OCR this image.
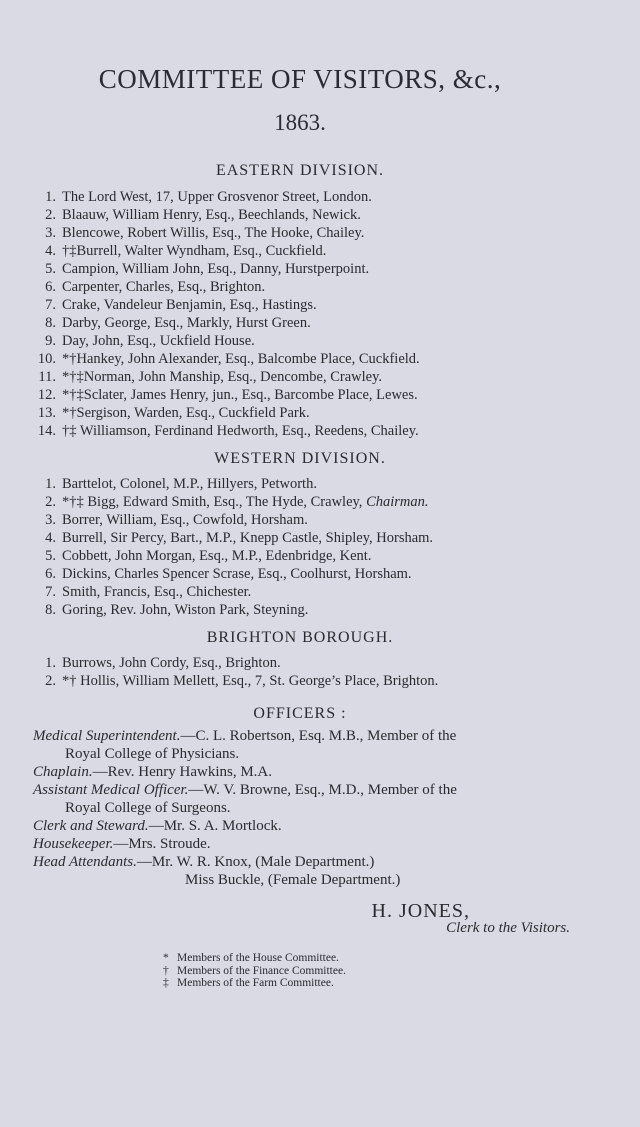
COMMITTEE OF VISITORS, &c.,
1863.
EASTERN DIVISION.
1. The Lord West, 17, Upper Grosvenor Street, London.
2. Blaauw, William Henry, Esq., Beechlands, Newick.
3. Blencowe, Robert Willis, Esq., The Hooke, Chailey.
4. †‡Burrell, Walter Wyndham, Esq., Cuckfield.
5. Campion, William John, Esq., Danny, Hurstperpoint.
6. Carpenter, Charles, Esq., Brighton.
7. Crake, Vandeleur Benjamin, Esq., Hastings.
8. Darby, George, Esq., Markly, Hurst Green.
9. Day, John, Esq., Uckfield House.
10. *†Hankey, John Alexander, Esq., Balcombe Place, Cuckfield.
11. *†‡Norman, John Manship, Esq., Dencombe, Crawley.
12. *†‡Sclater, James Henry, jun., Esq., Barcombe Place, Lewes.
13. *†Sergison, Warden, Esq., Cuckfield Park.
14. †‡ Williamson, Ferdinand Hedworth, Esq., Reedens, Chailey.
WESTERN DIVISION.
1. Barttelot, Colonel, M.P., Hillyers, Petworth.
2. *†‡ Bigg, Edward Smith, Esq., The Hyde, Crawley, Chairman.
3. Borrer, William, Esq., Cowfold, Horsham.
4. Burrell, Sir Percy, Bart., M.P., Knepp Castle, Shipley, Horsham.
5. Cobbett, John Morgan, Esq., M.P., Edenbridge, Kent.
6. Dickins, Charles Spencer Scrase, Esq., Coolhurst, Horsham.
7. Smith, Francis, Esq., Chichester.
8. Goring, Rev. John, Wiston Park, Steyning.
BRIGHTON BOROUGH.
1. Burrows, John Cordy, Esq., Brighton.
2. *† Hollis, William Mellett, Esq., 7, St. George’s Place, Brighton.
OFFICERS :
Medical Superintendent.—C. L. Robertson, Esq. M.B., Member of the
Royal College of Physicians.
Chaplain.—Rev. Henry Hawkins, M.A.
Assistant Medical Officer.—W. V. Browne, Esq., M.D., Member of the
Royal College of Surgeons.
Clerk and Steward.—Mr. S. A. Mortlock.
Housekeeper.—Mrs. Stroude.
Head Attendants.—Mr. W. R. Knox, (Male Department.)
Miss Buckle, (Female Department.)
H. JONES,
Clerk to the Visitors.
* Members of the House Committee.
† Members of the Finance Committee.
‡ Members of the Farm Committee.
